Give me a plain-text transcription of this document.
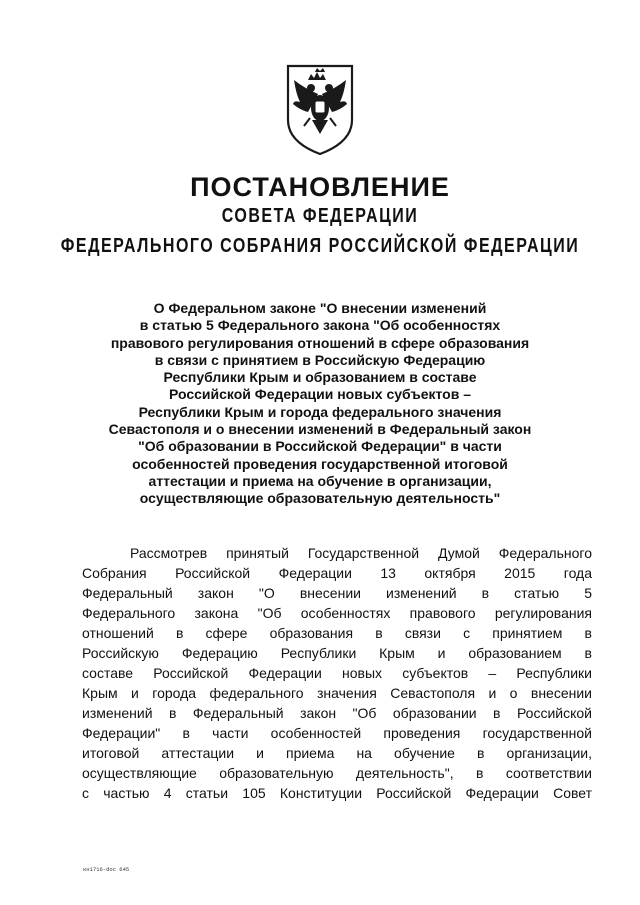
ПОСТАНОВЛЕНИЕ
СОВЕТА ФЕДЕРАЦИИ
ФЕДЕРАЛЬНОГО СОБРАНИЯ РОССИЙСКОЙ ФЕДЕРАЦИИ
О Федеральном законе "О внесении изменений
в статью 5 Федерального закона "Об особенностях
правового регулирования отношений в сфере образования
в связи с принятием в Российскую Федерацию
Республики Крым и образованием в составе
Российской Федерации новых субъектов –
Республики Крым и города федерального значения
Севастополя и о внесении изменений в Федеральный закон
"Об образовании в Российской Федерации" в части
особенностей проведения государственной итоговой
аттестации и приема на обучение в организации,
осуществляющие образовательную деятельность"
Рассмотрев принятый Государственной Думой Федерального
Собрания Российской Федерации 13 октября 2015 года
Федеральный закон "О внесении изменений в статью 5
Федерального закона "Об особенностях правового регулирования
отношений в сфере образования в связи с принятием в
Российскую Федерацию Республики Крым и образованием в
составе Российской Федерации новых субъектов – Республики
Крым и города федерального значения Севастополя и о внесении
изменений в Федеральный закон "Об образовании в Российской
Федерации" в части особенностей проведения государственной
итоговой аттестации и приема на обучение в организации,
осуществляющие образовательную деятельность", в соответствии
с частью 4 статьи 105 Конституции Российской Федерации Совет
кн1716-doc 645
